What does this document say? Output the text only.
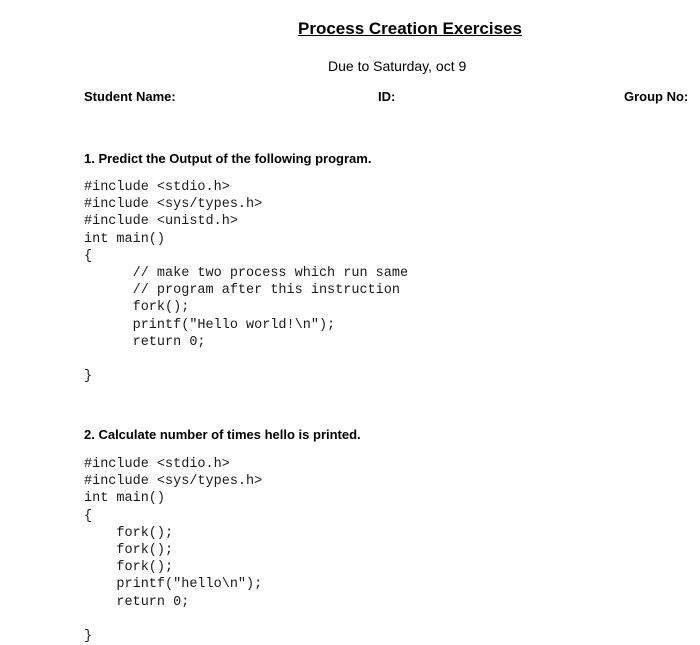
Process Creation Exercises
Due to Saturday, oct 9
Student Name:	ID:	Group No:
1. Predict the Output of the following program.
#include <stdio.h>
#include <sys/types.h>
#include <unistd.h>
int main()
{
// make two process which run same
// program after this instruction
fork();
printf("Hello world!\n");
return 0;
}
2. Calculate number of times hello is printed.
#include <stdio.h>
#include <sys/types.h>
int main()
{
fork();
fork();
fork();
printf("hello\n");
return 0;
}
